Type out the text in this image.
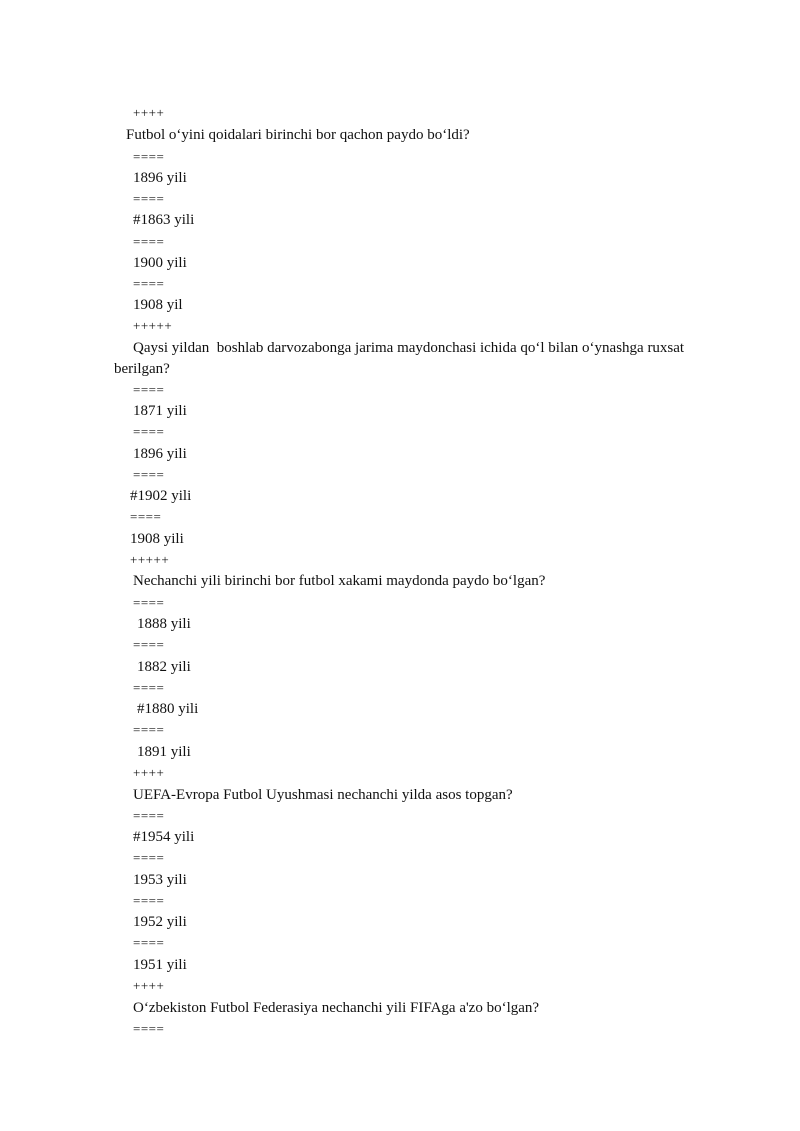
++++
Futbol o‘yini qoidalari birinchi bor qachon paydo bo‘ldi?
====
1896 yili
====
#1863 yili
====
1900 yili
====
1908 yil
+++++
Qaysi yildan  boshlab darvozabonga jarima maydonchasi ichida qo‘l bilan o‘ynashga ruxsat
berilgan?
====
1871 yili
====
1896 yili
====
#1902 yili
====
1908 yili
+++++
Nechanchi yili birinchi bor futbol xakami maydonda paydo bo‘lgan?
====
1888 yili
====
1882 yili
====
#1880 yili
====
1891 yili
++++
UEFA-Evropa Futbol Uyushmasi nechanchi yilda asos topgan?
====
#1954 yili
====
1953 yili
====
1952 yili
====
1951 yili
++++
O‘zbekiston Futbol Federasiya nechanchi yili FIFAga a'zo bo‘lgan?
====
